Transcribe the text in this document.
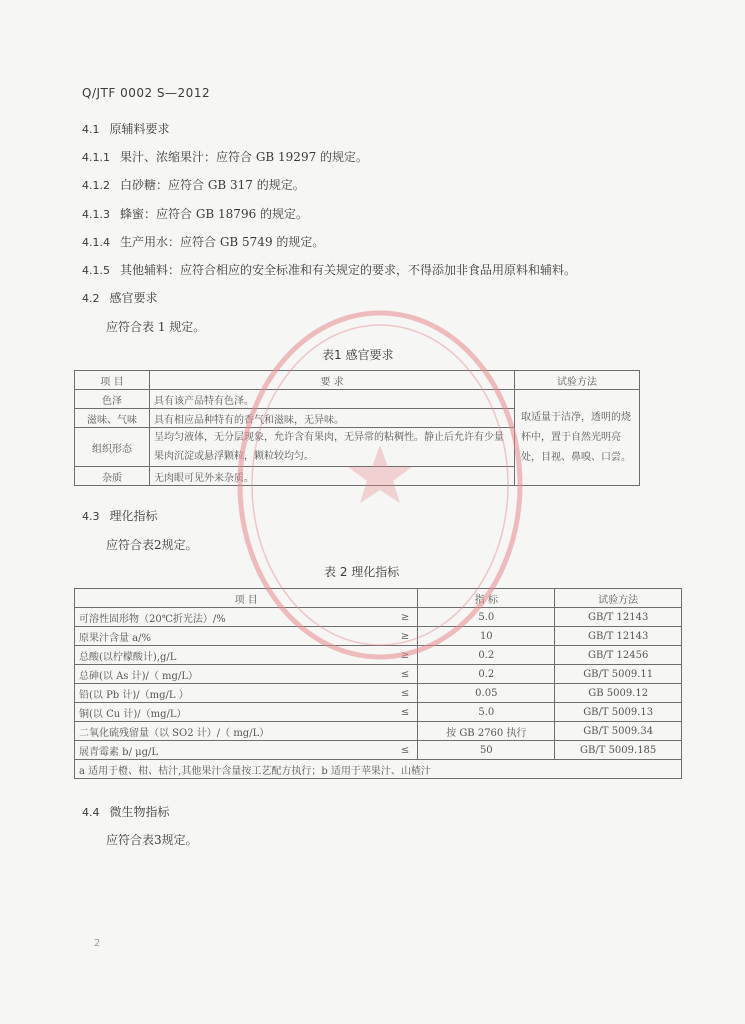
Q/JTF 0002 S—2012
4.1 原辅料要求
4.1.1 果汁、浓缩果汁：应符合 GB 19297 的规定。
4.1.2 白砂糖：应符合 GB 317 的规定。
4.1.3 蜂蜜：应符合 GB 18796 的规定。
4.1.4 生产用水：应符合 GB 5749 的规定。
4.1.5 其他辅料：应符合相应的安全标准和有关规定的要求，不得添加非食品用原料和辅料。
4.2 感官要求
应符合表 1 规定。
表1 感官要求
项 目	要 求	试验方法
色泽	具有该产品特有色泽。	取适量于洁净，透明的烧杯中，置于自然光明亮处，目视、鼻嗅、口尝。
滋味、气味	具有相应品种特有的香气和滋味，无异味。	
组织形态	呈均匀液体，无分层现象，允许含有果肉，无异常的粘稠性。静止后允许有少量果肉沉淀或悬浮颗粒，颗粒较均匀。	
杂质	无肉眼可见外来杂质。	
4.3 理化指标
应符合表2规定。
表 2 理化指标
项 目		指 标	试验方法
可溶性固形物（20℃折光法）/%	≥	5.0	GB/T 12143
原果汁含量 a/%	≥	10	GB/T 12143
总酸(以柠檬酸计),g/L	≥	0.2	GB/T 12456
总砷(以 As 计)/（ mg/L）	≤	0.2	GB/T 5009.11
铅(以 Pb 计)/（mg/L ）	≤	0.05	GB 5009.12
铜(以 Cu 计)/（mg/L）	≤	5.0	GB/T 5009.13
二氧化硫残留量（以 SO2 计）/（ mg/L）		按 GB 2760 执行	GB/T 5009.34
展青霉素 b/ μg/L	≤	50	GB/T 5009.185
a 适用于橙、柑、桔汁,其他果汁含量按工艺配方执行；b 适用于苹果汁、山楂汁			
4.4 微生物指标
应符合表3规定。
2
